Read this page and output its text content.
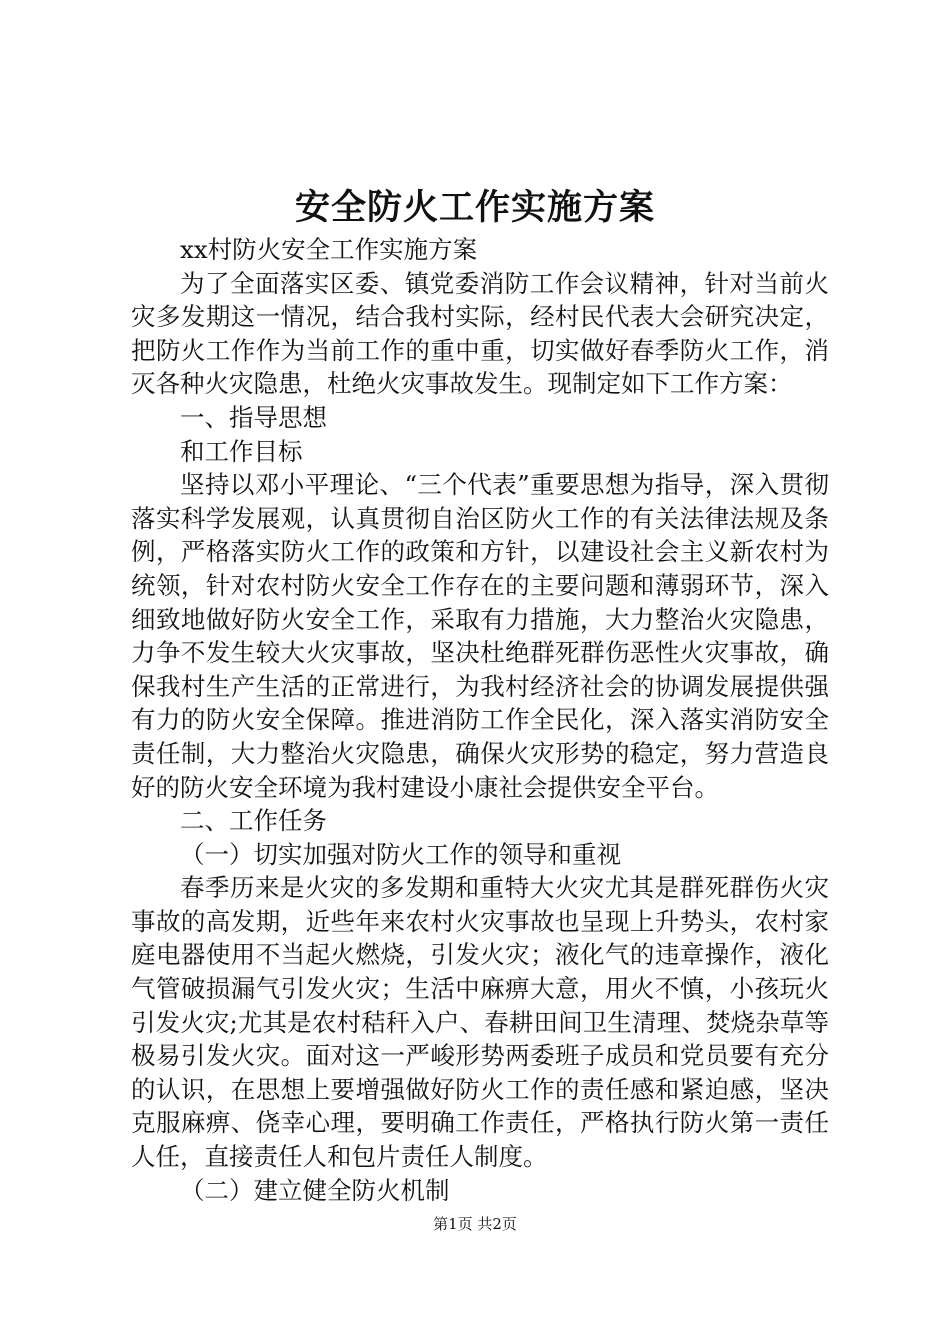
安全防火工作实施方案

xx村防火安全工作实施方案

为了全面落实区委、镇党委消防工作会议精神，针对当前火灾多发期这一情况，结合我村实际，经村民代表大会研究决定，把防火工作作为当前工作的重中重，切实做好春季防火工作，消灭各种火灾隐患，杜绝火灾事故发生。现制定如下工作方案：

一、指导思想

和工作目标

坚持以邓小平理论、“三个代表”重要思想为指导，深入贯彻落实科学发展观，认真贯彻自治区防火工作的有关法律法规及条例，严格落实防火工作的政策和方针，以建设社会主义新农村为统领，针对农村防火安全工作存在的主要问题和薄弱环节，深入细致地做好防火安全工作，采取有力措施，大力整治火灾隐患，力争不发生较大火灾事故，坚决杜绝群死群伤恶性火灾事故，确保我村生产生活的正常进行，为我村经济社会的协调发展提供强有力的防火安全保障。推进消防工作全民化，深入落实消防安全责任制，大力整治火灾隐患，确保火灾形势的稳定，努力营造良好的防火安全环境为我村建设小康社会提供安全平台。

二、工作任务

（一）切实加强对防火工作的领导和重视

春季历来是火灾的多发期和重特大火灾尤其是群死群伤火灾事故的高发期，近些年来农村火灾事故也呈现上升势头，农村家庭电器使用不当起火燃烧，引发火灾；液化气的违章操作，液化气管破损漏气引发火灾；生活中麻痹大意，用火不慎，小孩玩火引发火灾;尤其是农村秸秆入户、春耕田间卫生清理、焚烧杂草等极易引发火灾。面对这一严峻形势两委班子成员和党员要有充分的认识，在思想上要增强做好防火工作的责任感和紧迫感，坚决克服麻痹、侥幸心理，要明确工作责任，严格执行防火第一责任人任，直接责任人和包片责任人制度。

（二）建立健全防火机制

第1页 共2页
